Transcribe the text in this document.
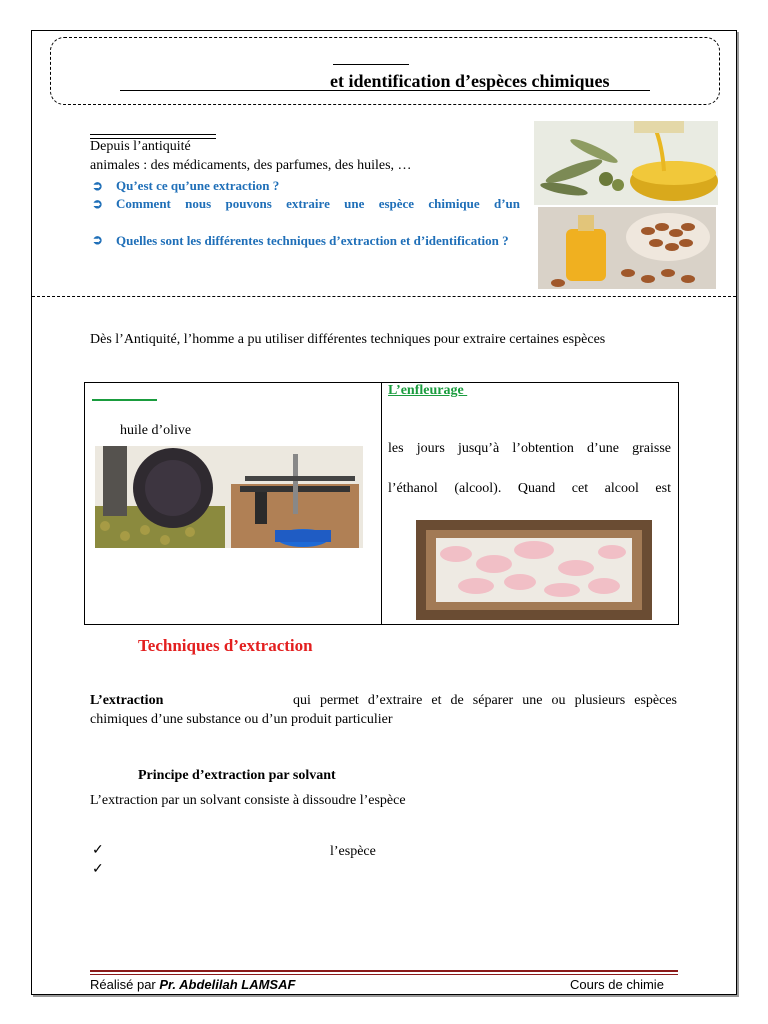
et identification d’espèces chimiques
Depuis l’antiquité
animales : des médicaments, des parfumes, des huiles, …
➲ Qu’est ce qu’une extraction ?
➲ Comment nous pouvons extraire une espèce chimique d’un
➲ Quelles sont les différentes techniques d’extraction et d’identification ?
Dès l’Antiquité, l’homme a pu utiliser différentes techniques pour extraire certaines espèces
huile d’olive
L’enfleurage
les jours jusqu’à l’obtention d’une graisse
l’éthanol (alcool). Quand cet alcool est
Techniques d’extraction
L’extraction	qui permet d’extraire et de séparer une ou plusieurs espèces
chimiques d’une substance ou d’un produit particulier
Principe d’extraction par solvant
L’extraction par un solvant consiste à dissoudre l’espèce
✓	l’espèce
✓
Réalisé par Pr. Abdelilah LAMSAF	Cours de chimie
